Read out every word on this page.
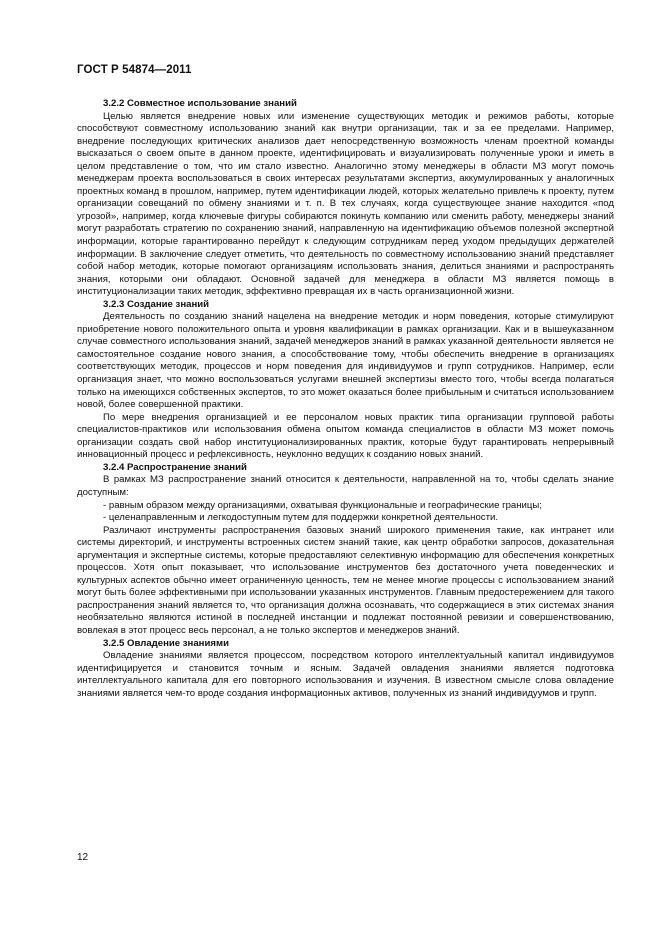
ГОСТ Р 54874—2011
3.2.2 Совместное использование знаний

Целью является внедрение новых или изменение существующих методик и режимов работы, которые способствуют совместному использованию знаний как внутри организации, так и за ее пределами. Например, внедрение последующих критических анализов дает непосредственную возможность членам проектной команды высказаться о своем опыте в данном проекте, идентифицировать и визуализировать полученные уроки и иметь в целом представление о том, что им стало известно. Аналогично этому менеджеры в области МЗ могут помочь менеджерам проекта воспользоваться в своих интересах результатами экспертиз, аккумулированных у аналогичных проектных команд в прошлом, например, путем идентификации людей, которых желательно привлечь к проекту, путем организации совещаний по обмену знаниями и т. п. В тех случаях, когда существующее знание находится «под угрозой», например, когда ключевые фигуры собираются покинуть компанию или сменить работу, менеджеры знаний могут разработать стратегию по сохранению знаний, направленную на идентификацию объемов полезной экспертной информации, которые гарантированно перейдут к следующим сотрудникам перед уходом предыдущих держателей информации. В заключение следует отметить, что деятельность по совместному использованию знаний представляет собой набор методик, которые помогают организациям использовать знания, делиться знаниями и распространять знания, которыми они обладают. Основной задачей для менеджера в области МЗ является помощь в институционализации таких методик, эффективно превращая их в часть организационной жизни.

3.2.3 Создание знаний

Деятельность по созданию знаний нацелена на внедрение методик и норм поведения, которые стимулируют приобретение нового положительного опыта и уровня квалификации в рамках организации. Как и в вышеуказанном случае совместного использования знаний, задачей менеджеров знаний в рамках указанной деятельности является не самостоятельное создание нового знания, а способствование тому, чтобы обеспечить внедрение в организациях соответствующих методик, процессов и норм поведения для индивидуумов и групп сотрудников. Например, если организация знает, что можно воспользоваться услугами внешней экспертизы вместо того, чтобы всегда полагаться только на имеющихся собственных экспертов, то это может оказаться более прибыльным и считаться использованием новой, более совершенной практики.

По мере внедрения организацией и ее персоналом новых практик типа организации групповой работы специалистов-практиков или использования обмена опытом команда специалистов в области МЗ может помочь организации создать свой набор институционализированных практик, которые будут гарантировать непрерывный инновационный процесс и рефлексивность, неуклонно ведущих к созданию новых знаний.

3.2.4 Распространение знаний

В рамках МЗ распространение знаний относится к деятельности, направленной на то, чтобы сделать знание доступным:

- равным образом между организациями, охватывая функциональные и географические границы;

- целенаправленным и легкодоступным путем для поддержки конкретной деятельности.

Различают инструменты распространения базовых знаний широкого применения такие, как интранет или системы директорий, и инструменты встроенных систем знаний такие, как центр обработки запросов, доказательная аргументация и экспертные системы, которые предоставляют селективную информацию для обеспечения конкретных процессов. Хотя опыт показывает, что использование инструментов без достаточного учета поведенческих и культурных аспектов обычно имеет ограниченную ценность, тем не менее многие процессы с использованием знаний могут быть более эффективными при использовании указанных инструментов. Главным предостережением для такого распространения знаний является то, что организация должна осознавать, что содержащиеся в этих системах знания необязательно являются истиной в последней инстанции и подлежат постоянной ревизии и совершенствованию, вовлекая в этот процесс весь персонал, а не только экспертов и менеджеров знаний.

3.2.5 Овладение знаниями

Овладение знаниями является процессом, посредством которого интеллектуальный капитал индивидуумов идентифицируется и становится точным и ясным. Задачей овладения знаниями является подготовка интеллектуального капитала для его повторного использования и изучения. В известном смысле слова овладение знаниями является чем-то вроде создания информационных активов, полученных из знаний индивидуумов и групп.

12
